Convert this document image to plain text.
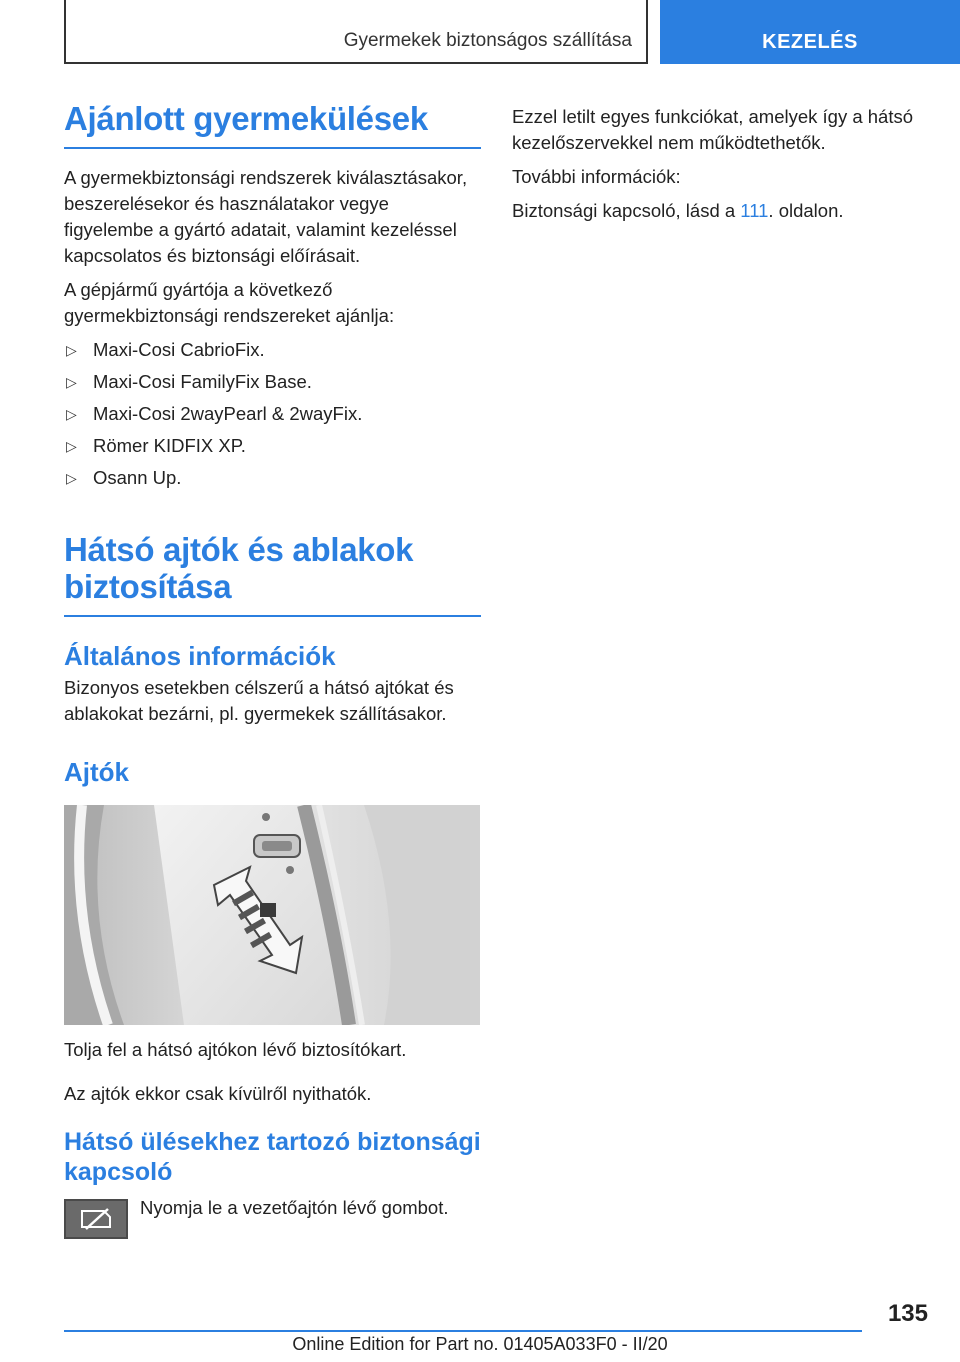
Gyermekek biztonságos szállítása	KEZELÉS
Ajánlott gyermekülések

A gyermekbiztonsági rendszerek kiválasztásakor, beszerelésekor és használatakor vegye figyelembe a gyártó adatait, valamint kezeléssel kapcsolatos és biztonsági előírásait.

A gépjármű gyártója a következő gyermekbiztonsági rendszereket ajánlja:

▷ Maxi-Cosi CabrioFix.
▷ Maxi-Cosi FamilyFix Base.
▷ Maxi-Cosi 2wayPearl & 2wayFix.
▷ Römer KIDFIX XP.
▷ Osann Up.
Hátsó ajtók és ablakok biztosítása
Általános információk

Bizonyos esetekben célszerű a hátsó ajtókat és ablakokat bezárni, pl. gyermekek szállításakor.

Ajtók

Tolja fel a hátsó ajtókon lévő biztosítókart.

Az ajtók ekkor csak kívülről nyithatók.

Hátsó ülésekhez tartozó biztonsági kapcsoló

Nyomja le a vezetőajtón lévő gombot.

Ezzel letilt egyes funkciókat, amelyek így a hátsó kezelőszervekkel nem működtethetők.

További információk:

Biztonsági kapcsoló, lásd a 111. oldalon.

135
Online Edition for Part no. 01405A033F0 - II/20
